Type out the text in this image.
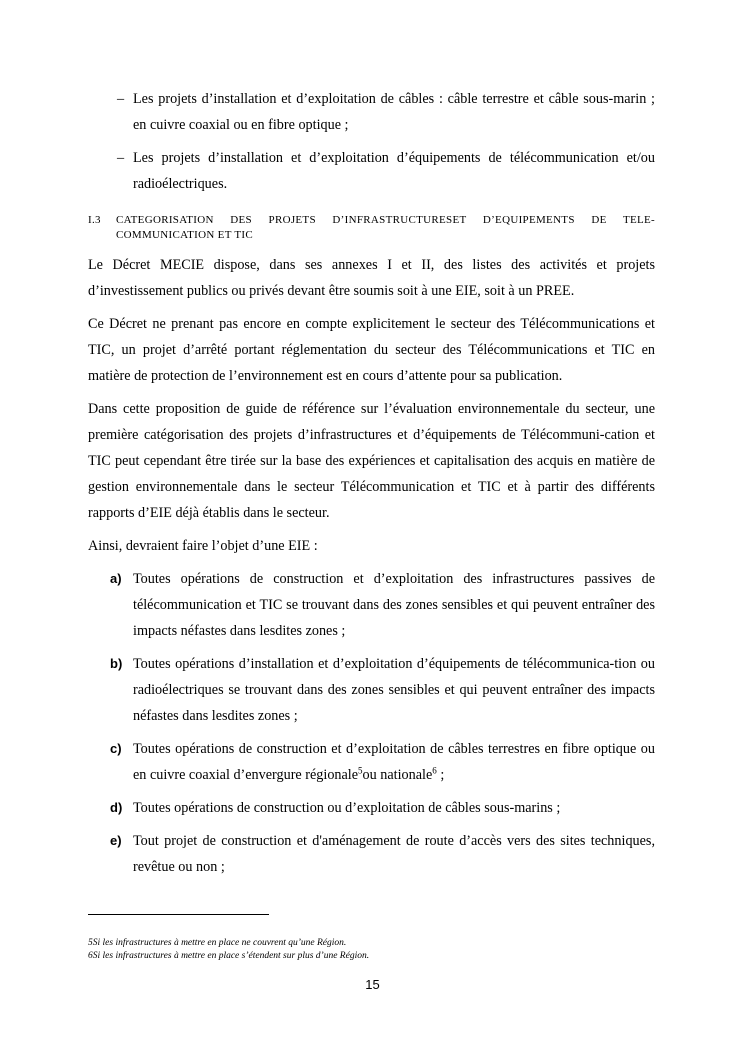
– Les projets d’installation et d’exploitation de câbles : câble terrestre et câble sous-marin ; en cuivre coaxial ou en fibre optique ;
– Les projets d’installation et d’exploitation d’équipements de télécommunication et/ou radioélectriques.
I.3 CATEGORISATION DES PROJETS D’INFRASTRUCTURESET D’EQUIPEMENTS DE TELE-COMMUNICATION ET TIC

Le Décret MECIE dispose, dans ses annexes I et II, des listes des activités et projets d’investissement publics ou privés devant être soumis soit à une EIE, soit à un PREE.

Ce Décret ne prenant pas encore en compte explicitement le secteur des Télécommunications et TIC, un projet d’arrêté portant réglementation du secteur des Télécommunications et TIC en matière de protection de l’environnement est en cours d’attente pour sa publication.

Dans cette proposition de guide de référence sur l’évaluation environnementale du secteur, une première catégorisation des projets d’infrastructures et d’équipements de Télécommuni-cation et TIC peut cependant être tirée sur la base des expériences et capitalisation des acquis en matière de gestion environnementale dans le secteur Télécommunication et TIC et à partir des différents rapports d’EIE déjà établis dans le secteur.

Ainsi, devraient faire l’objet d’une EIE :

a) Toutes opérations de construction et d’exploitation des infrastructures passives de télécommunication et TIC se trouvant dans des zones sensibles et qui peuvent entraîner des impacts néfastes dans lesdites zones ;
b) Toutes opérations d’installation et d’exploitation d’équipements de télécommunica-tion ou radioélectriques se trouvant dans des zones sensibles et qui peuvent entraîner des impacts néfastes dans lesdites zones ;
c) Toutes opérations de construction et d’exploitation de câbles terrestres en fibre optique ou en cuivre coaxial d’envergure régionale$^5$ou nationale$^6$ ;
d) Toutes opérations de construction ou d’exploitation de câbles sous-marins ;
e) Tout projet de construction et d'aménagement de route d’accès vers des sites techniques, revêtue ou non ;
5Si les infrastructures à mettre en place ne couvrent qu’une Région.
6Si les infrastructures à mettre en place s’étendent sur plus d’une Région.
15
